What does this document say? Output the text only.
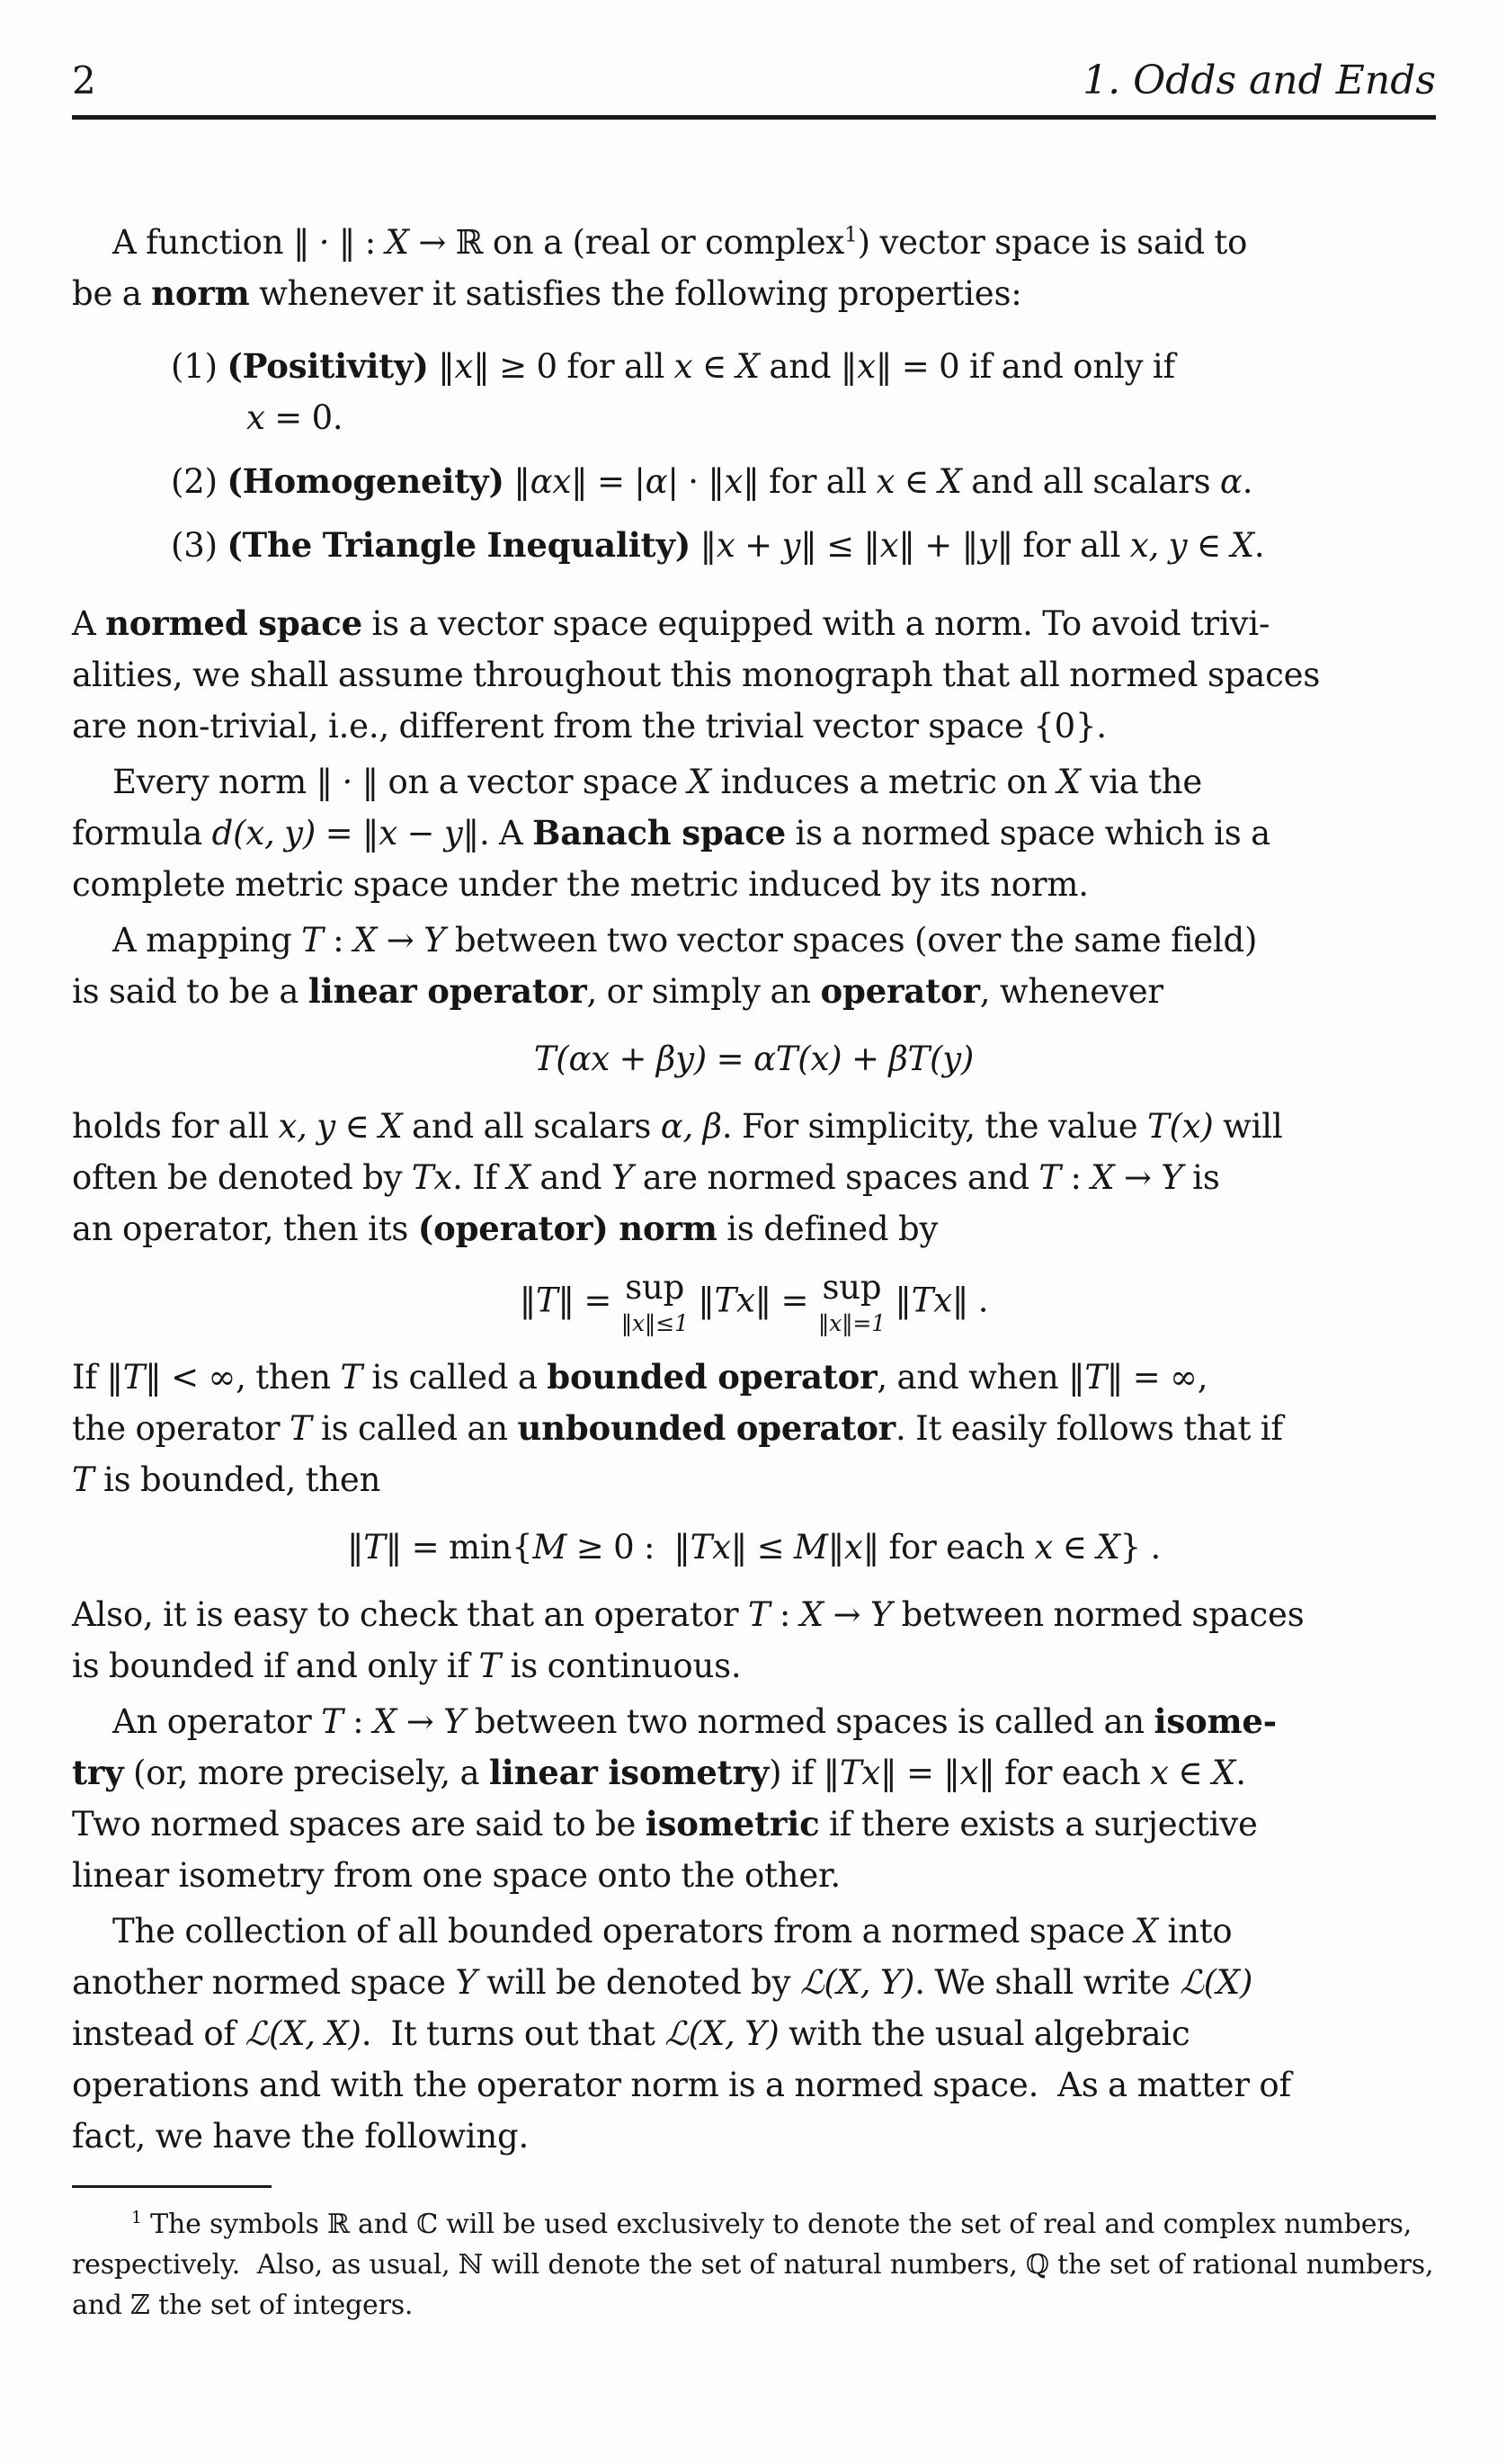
2	1. Odds and Ends
A function ‖ · ‖ : X → ℝ on a (real or complex$^1$) vector space is said to
be a norm whenever it satisfies the following properties:
(1) (Positivity) ‖x‖ ≥ 0 for all x ∈ X and ‖x‖ = 0 if and only if
x = 0.
(2) (Homogeneity) ‖αx‖ = |α| · ‖x‖ for all x ∈ X and all scalars α.
(3) (The Triangle Inequality) ‖x + y‖ ≤ ‖x‖ + ‖y‖ for all x, y ∈ X.
A normed space is a vector space equipped with a norm. To avoid trivi-
alities, we shall assume throughout this monograph that all normed spaces
are non-trivial, i.e., different from the trivial vector space {0}.
Every norm ‖ · ‖ on a vector space X induces a metric on X via the
formula d(x, y) = ‖x − y‖. A Banach space is a normed space which is a
complete metric space under the metric induced by its norm.
A mapping T : X → Y between two vector spaces (over the same field)
is said to be a linear operator, or simply an operator, whenever
T(αx + βy) = αT(x) + βT(y)
holds for all x, y ∈ X and all scalars α, β. For simplicity, the value T(x) will
often be denoted by Tx. If X and Y are normed spaces and T : X → Y is
an operator, then its (operator) norm is defined by
‖T‖ = sup
‖x‖≤1
‖Tx‖ = sup
‖x‖=1
‖Tx‖ .
If ‖T‖ < ∞, then T is called a bounded operator, and when ‖T‖ = ∞,
the operator T is called an unbounded operator. It easily follows that if
T is bounded, then
‖T‖ = min{M ≥ 0 :  ‖Tx‖ ≤ M‖x‖ for each x ∈ X} .
Also, it is easy to check that an operator T : X → Y between normed spaces
is bounded if and only if T is continuous.
An operator T : X → Y between two normed spaces is called an isome-
try (or, more precisely, a linear isometry) if ‖Tx‖ = ‖x‖ for each x ∈ X.
Two normed spaces are said to be isometric if there exists a surjective
linear isometry from one space onto the other.
The collection of all bounded operators from a normed space X into
another normed space Y will be denoted by ℒ(X, Y). We shall write ℒ(X)
instead of ℒ(X, X).  It turns out that ℒ(X, Y) with the usual algebraic
operations and with the operator norm is a normed space.  As a matter of
fact, we have the following.
$^1$ The symbols ℝ and ℂ will be used exclusively to denote the set of real and complex numbers,
respectively.  Also, as usual, ℕ will denote the set of natural numbers, ℚ the set of rational numbers,
and ℤ the set of integers.
